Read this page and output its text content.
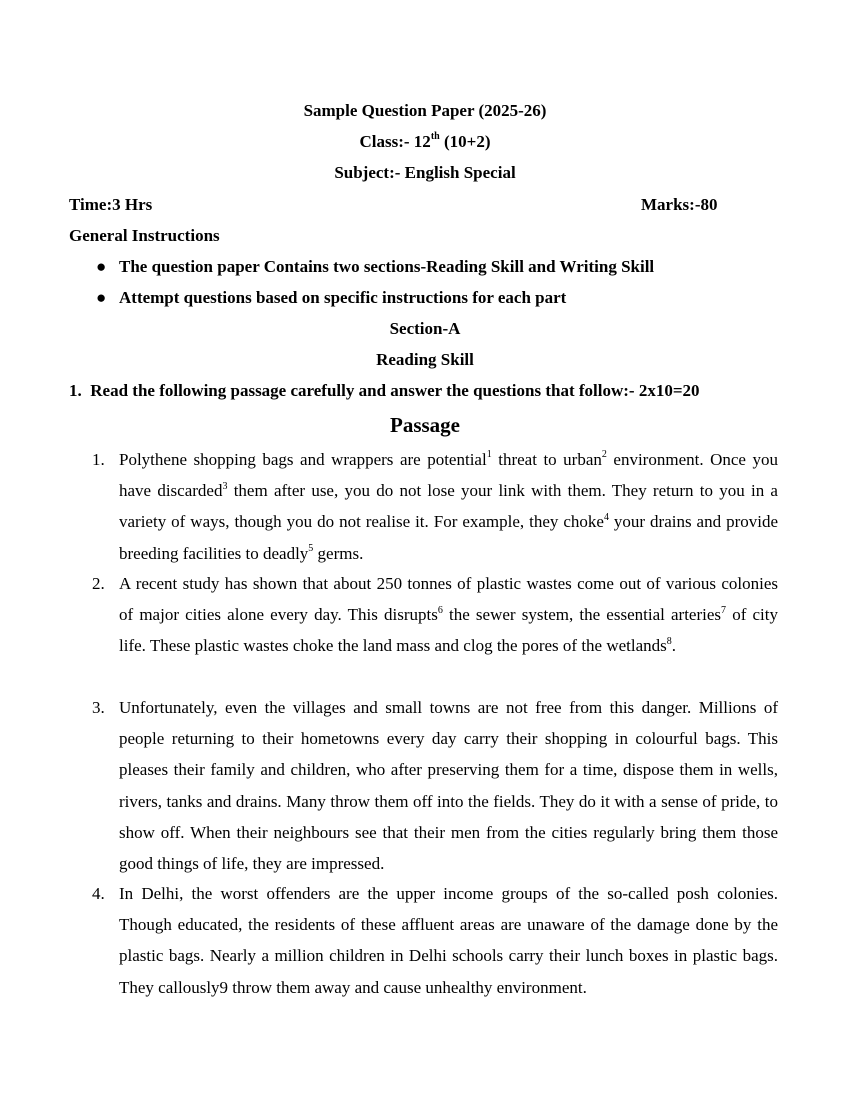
Sample Question Paper (2025-26)
Class:- 12th (10+2)
Subject:- English Special
Time:3 Hrs	Marks:-80
General Instructions
● The question paper Contains two sections-Reading Skill and Writing Skill
● Attempt questions based on specific instructions for each part
Section-A
Reading Skill
1. Read the following passage carefully and answer the questions that follow:- 2x10=20
Passage
1. Polythene shopping bags and wrappers are potential$^1$ threat to urban$^2$ environment. Once you have discarded$^3$ them after use, you do not lose your link with them. They return to you in a variety of ways, though you do not realise it. For example, they choke$^4$ your drains and provide breeding facilities to deadly$^5$ germs.
2. A recent study has shown that about 250 tonnes of plastic wastes come out of various colonies of major cities alone every day. This disrupts$^6$ the sewer system, the essential arteries$^7$ of city life. These plastic wastes choke the land mass and clog the pores of the wetlands$^8$.
3. Unfortunately, even the villages and small towns are not free from this danger. Millions of people returning to their hometowns every day carry their shopping in colourful bags. This pleases their family and children, who after preserving them for a time, dispose them in wells, rivers, tanks and drains. Many throw them off into the fields. They do it with a sense of pride, to show off. When their neighbours see that their men from the cities regularly bring them those good things of life, they are impressed.
4. In Delhi, the worst offenders are the upper income groups of the so-called posh colonies. Though educated, the residents of these affluent areas are unaware of the damage done by the plastic bags. Nearly a million children in Delhi schools carry their lunch boxes in plastic bags. They callously9 throw them away and cause unhealthy environment.
